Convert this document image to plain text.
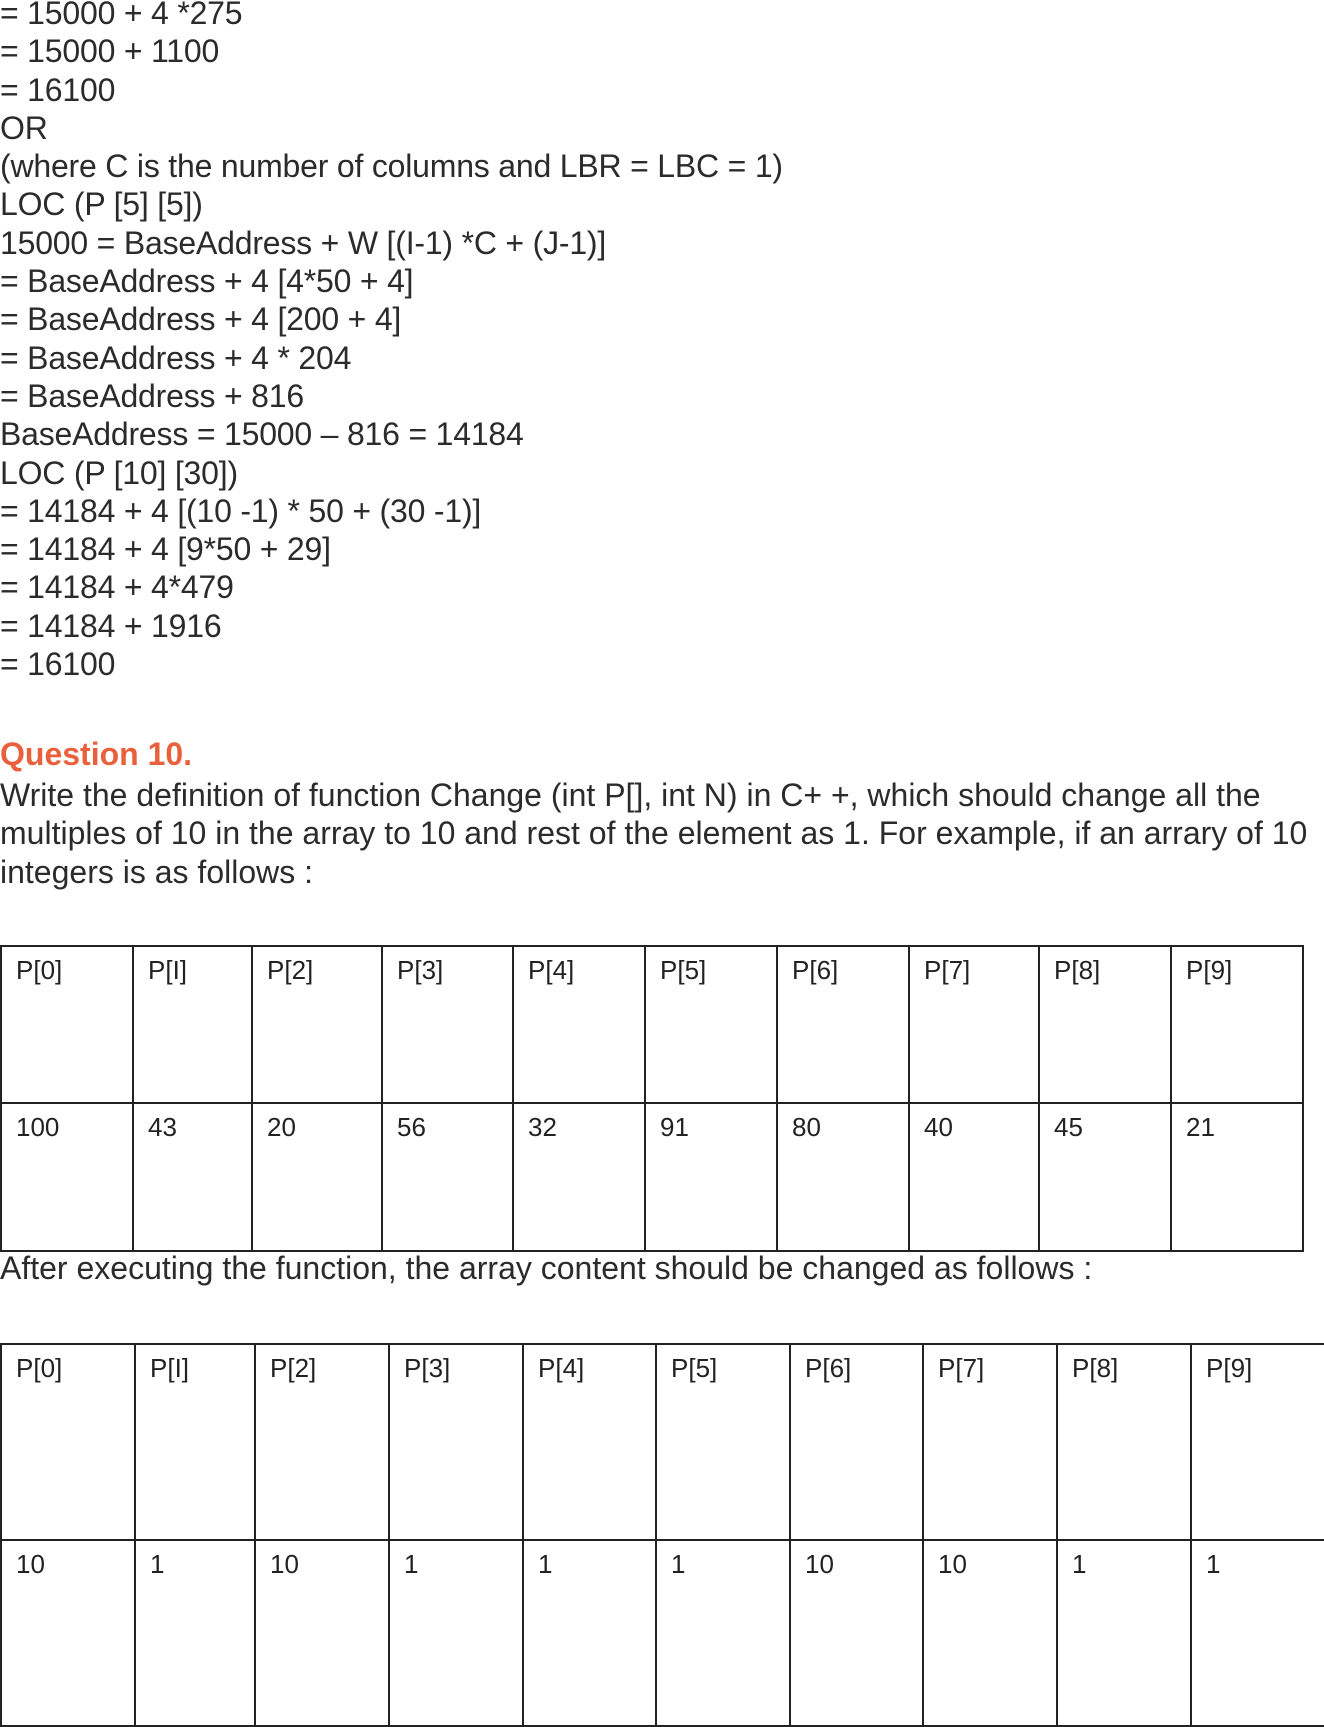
= 15000 + 4 *275
= 15000 + 1100
= 16100
OR
(where C is the number of columns and LBR = LBC = 1)
LOC (P [5] [5])
15000 = BaseAddress + W [(I-1) *C + (J-1)]
= BaseAddress + 4 [4*50 + 4]
= BaseAddress + 4 [200 + 4]
= BaseAddress + 4 * 204
= BaseAddress + 816
BaseAddress = 15000 – 816 = 14184
LOC (P [10] [30])
= 14184 + 4 [(10 -1) * 50 + (30 -1)]
= 14184 + 4 [9*50 + 29]
= 14184 + 4*479
= 14184 + 1916
= 16100
Question 10.
Write the definition of function Change (int P[], int N) in C+ +, which should change all the multiples of 10 in the array to 10 and rest of the element as 1. For example, if an arrary of 10 integers is as follows :
P[0]	P[I]	P[2]	P[3]	P[4]	P[5]	P[6]	P[7]	P[8]	P[9]
100	43	20	56	32	91	80	40	45	21
After executing the function, the array content should be changed as follows :
P[0]	P[I]	P[2]	P[3]	P[4]	P[5]	P[6]	P[7]	P[8]	P[9]
10	1	10	1	1	1	10	10	1	1
